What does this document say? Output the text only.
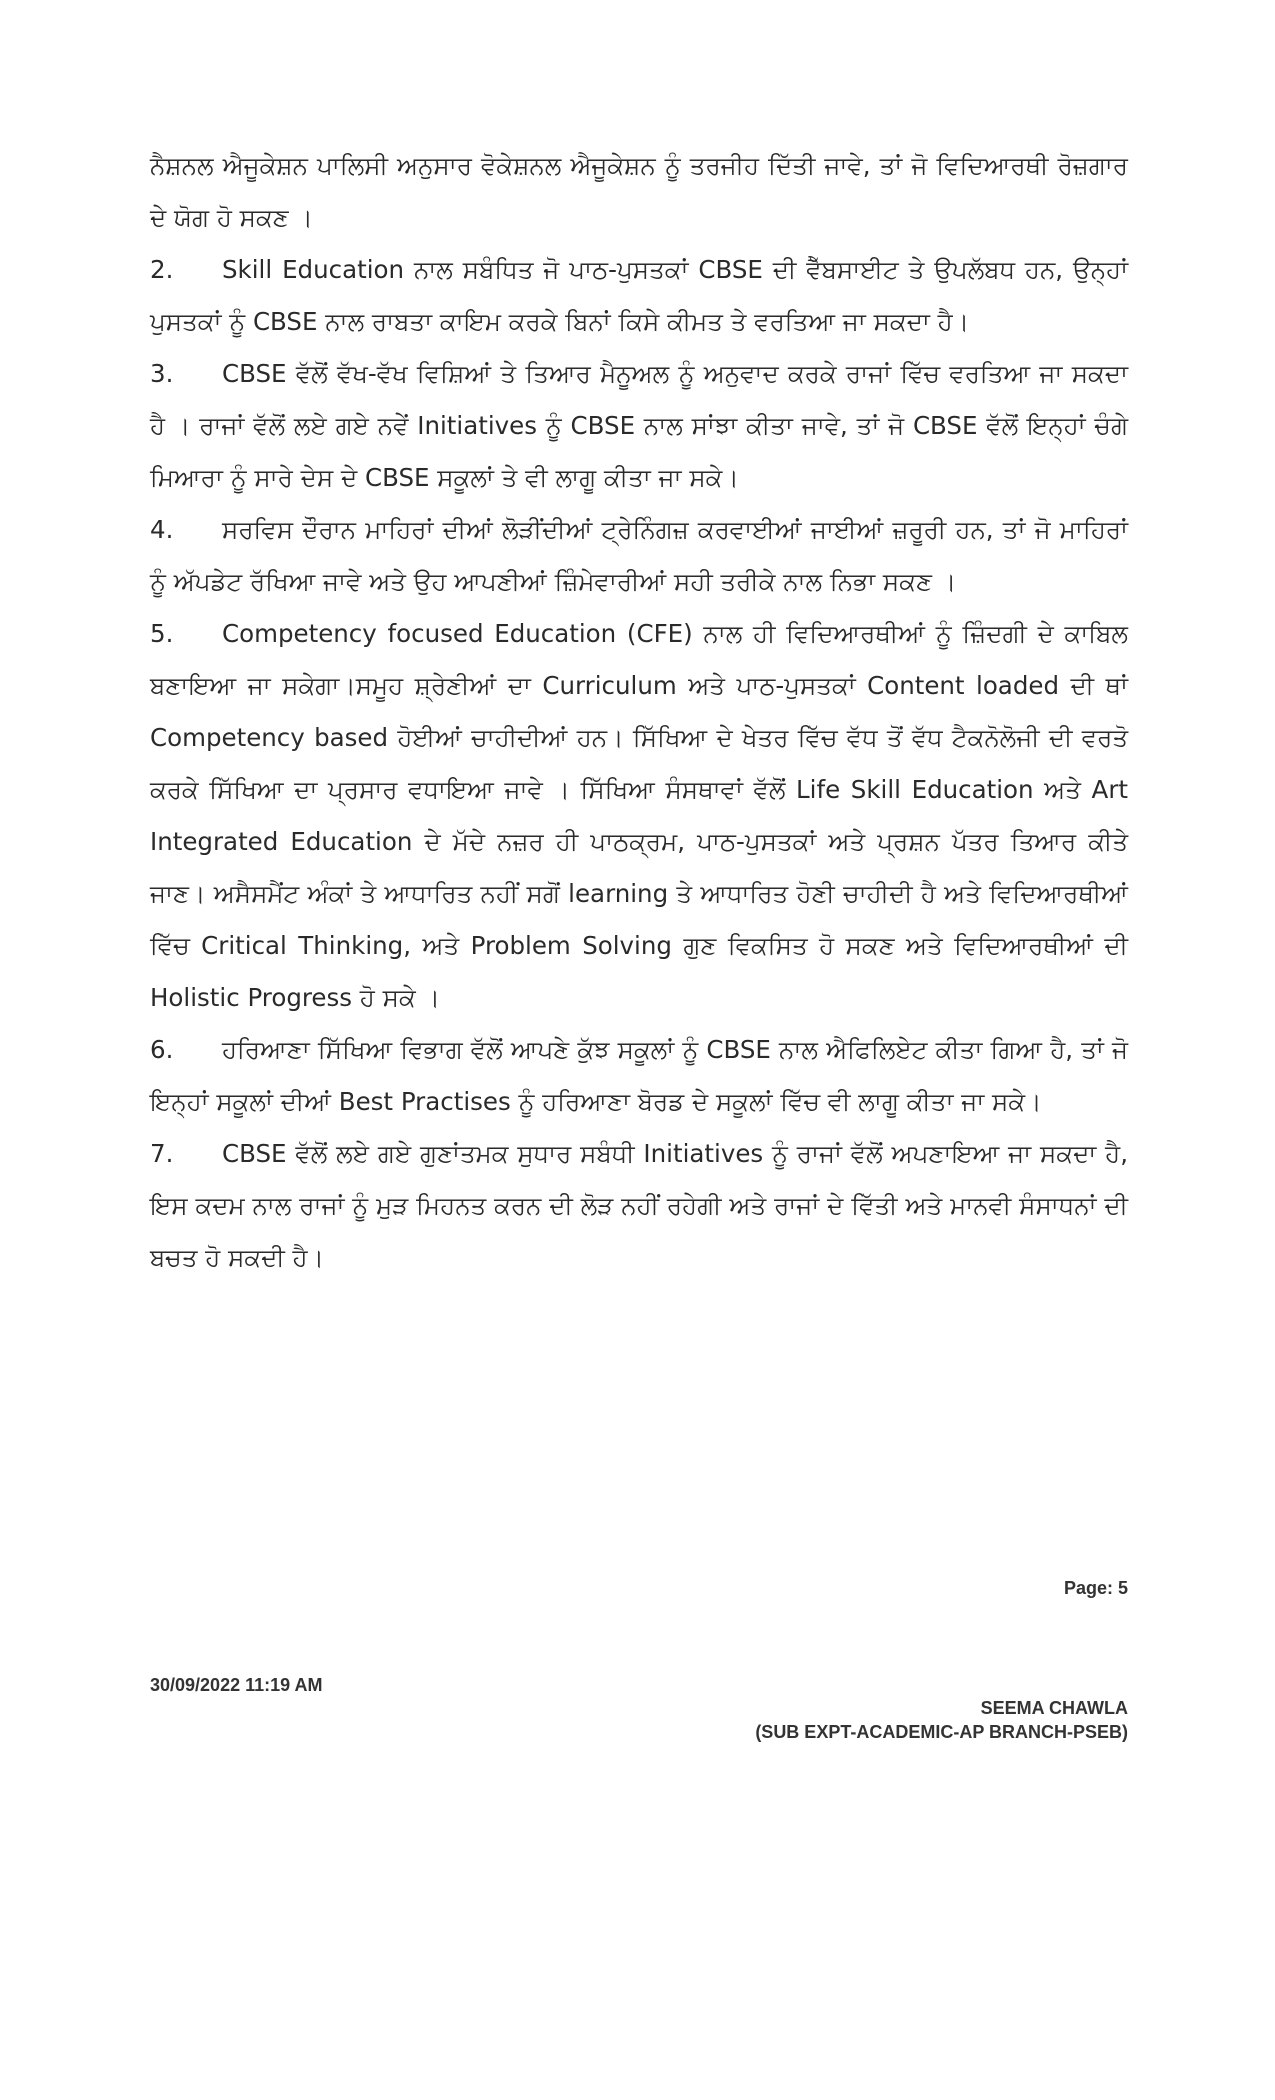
ਨੈਸ਼ਨਲ ਐਜੂਕੇਸ਼ਨ ਪਾਲਿਸੀ ਅਨੁਸਾਰ ਵੋਕੇਸ਼ਨਲ ਐਜੂਕੇਸ਼ਨ ਨੂੰ ਤਰਜੀਹ ਦਿੱਤੀ ਜਾਵੇ, ਤਾਂ ਜੋ ਵਿਦਿਆਰਥੀ ਰੋਜ਼ਗਾਰ ਦੇ ਯੋਗ ਹੋ ਸਕਣ ।

2. Skill Education ਨਾਲ ਸਬੰਧਿਤ ਜੋ ਪਾਠ-ਪੁਸਤਕਾਂ CBSE ਦੀ ਵੈੱਬਸਾਈਟ ਤੇ ਉਪਲੱਬਧ ਹਨ, ਉਨ੍ਹਾਂ ਪੁਸਤਕਾਂ ਨੂੰ CBSE ਨਾਲ ਰਾਬਤਾ ਕਾਇਮ ਕਰਕੇ ਬਿਨਾਂ ਕਿਸੇ ਕੀਮਤ ਤੇ ਵਰਤਿਆ ਜਾ ਸਕਦਾ ਹੈ।

3. CBSE ਵੱਲੋਂ ਵੱਖ-ਵੱਖ ਵਿਸ਼ਿਆਂ ਤੇ ਤਿਆਰ ਮੈਨੂਅਲ ਨੂੰ ਅਨੁਵਾਦ ਕਰਕੇ ਰਾਜਾਂ ਵਿੱਚ ਵਰਤਿਆ ਜਾ ਸਕਦਾ ਹੈ । ਰਾਜਾਂ ਵੱਲੋਂ ਲਏ ਗਏ ਨਵੇਂ Initiatives ਨੂੰ CBSE ਨਾਲ ਸਾਂਝਾ ਕੀਤਾ ਜਾਵੇ, ਤਾਂ ਜੋ CBSE ਵੱਲੋਂ ਇਨ੍ਹਾਂ ਚੰਗੇ ਮਿਆਰਾ ਨੂੰ ਸਾਰੇ ਦੇਸ ਦੇ CBSE ਸਕੂਲਾਂ ਤੇ ਵੀ ਲਾਗੂ ਕੀਤਾ ਜਾ ਸਕੇ।

4. ਸਰਵਿਸ ਦੌਰਾਨ ਮਾਹਿਰਾਂ ਦੀਆਂ ਲੋੜੀਂਦੀਆਂ ਟ੍ਰੇਨਿੰਗਜ਼ ਕਰਵਾਈਆਂ ਜਾਈਆਂ ਜ਼ਰੂਰੀ ਹਨ, ਤਾਂ ਜੋ ਮਾਹਿਰਾਂ ਨੂੰ ਅੱਪਡੇਟ ਰੱਖਿਆ ਜਾਵੇ ਅਤੇ ਉਹ ਆਪਣੀਆਂ ਜ਼ਿੰਮੇਵਾਰੀਆਂ ਸਹੀ ਤਰੀਕੇ ਨਾਲ ਨਿਭਾ ਸਕਣ ।

5. Competency focused Education (CFE) ਨਾਲ ਹੀ ਵਿਦਿਆਰਥੀਆਂ ਨੂੰ ਜ਼ਿੰਦਗੀ ਦੇ ਕਾਬਿਲ ਬਣਾਇਆ ਜਾ ਸਕੇਗਾ।ਸਮੂਹ ਸ਼੍ਰੇਣੀਆਂ ਦਾ Curriculum ਅਤੇ ਪਾਠ-ਪੁਸਤਕਾਂ Content loaded ਦੀ ਥਾਂ Competency based ਹੋਈਆਂ ਚਾਹੀਦੀਆਂ ਹਨ। ਸਿੱਖਿਆ ਦੇ ਖੇਤਰ ਵਿੱਚ ਵੱਧ ਤੋਂ ਵੱਧ ਟੈਕਨੋਲੋਜੀ ਦੀ ਵਰਤੋ ਕਰਕੇ ਸਿੱਖਿਆ ਦਾ ਪ੍ਰਸਾਰ ਵਧਾਇਆ ਜਾਵੇ । ਸਿੱਖਿਆ ਸੰਸਥਾਵਾਂ ਵੱਲੋਂ Life Skill Education ਅਤੇ Art Integrated Education ਦੇ ਮੱਦੇ ਨਜ਼ਰ ਹੀ ਪਾਠਕ੍ਰਮ, ਪਾਠ-ਪੁਸਤਕਾਂ ਅਤੇ ਪ੍ਰਸ਼ਨ ਪੱਤਰ ਤਿਆਰ ਕੀਤੇ ਜਾਣ। ਅਸੈਸਮੈਂਟ ਅੰਕਾਂ ਤੇ ਆਧਾਰਿਤ ਨਹੀਂ ਸਗੋਂ learning ਤੇ ਆਧਾਰਿਤ ਹੋਣੀ ਚਾਹੀਦੀ ਹੈ ਅਤੇ ਵਿਦਿਆਰਥੀਆਂ ਵਿੱਚ Critical Thinking, ਅਤੇ Problem Solving ਗੁਣ ਵਿਕਸਿਤ ਹੋ ਸਕਣ ਅਤੇ ਵਿਦਿਆਰਥੀਆਂ ਦੀ Holistic Progress ਹੋ ਸਕੇ ।

6. ਹਰਿਆਣਾ ਸਿੱਖਿਆ ਵਿਭਾਗ ਵੱਲੋਂ ਆਪਣੇ ਕੁੱਝ ਸਕੂਲਾਂ ਨੂੰ CBSE ਨਾਲ ਐਫਿਲਿਏਟ ਕੀਤਾ ਗਿਆ ਹੈ, ਤਾਂ ਜੋ ਇਨ੍ਹਾਂ ਸਕੂਲਾਂ ਦੀਆਂ Best Practises ਨੂੰ ਹਰਿਆਣਾ ਬੋਰਡ ਦੇ ਸਕੂਲਾਂ ਵਿੱਚ ਵੀ ਲਾਗੂ ਕੀਤਾ ਜਾ ਸਕੇ।

7. CBSE ਵੱਲੋਂ ਲਏ ਗਏ ਗੁਣਾਂਤਮਕ ਸੁਧਾਰ ਸਬੰਧੀ Initiatives ਨੂੰ ਰਾਜਾਂ ਵੱਲੋਂ ਅਪਣਾਇਆ ਜਾ ਸਕਦਾ ਹੈ, ਇਸ ਕਦਮ ਨਾਲ ਰਾਜਾਂ ਨੂੰ ਮੁੜ ਮਿਹਨਤ ਕਰਨ ਦੀ ਲੋੜ ਨਹੀਂ ਰਹੇਗੀ ਅਤੇ ਰਾਜਾਂ ਦੇ ਵਿੱਤੀ ਅਤੇ ਮਾਨਵੀ ਸੰਸਾਧਨਾਂ ਦੀ ਬਚਤ ਹੋ ਸਕਦੀ ਹੈ।

Page: 5
30/09/2022 11:19 AM
SEEMA CHAWLA
(SUB EXPT-ACADEMIC-AP BRANCH-PSEB)
